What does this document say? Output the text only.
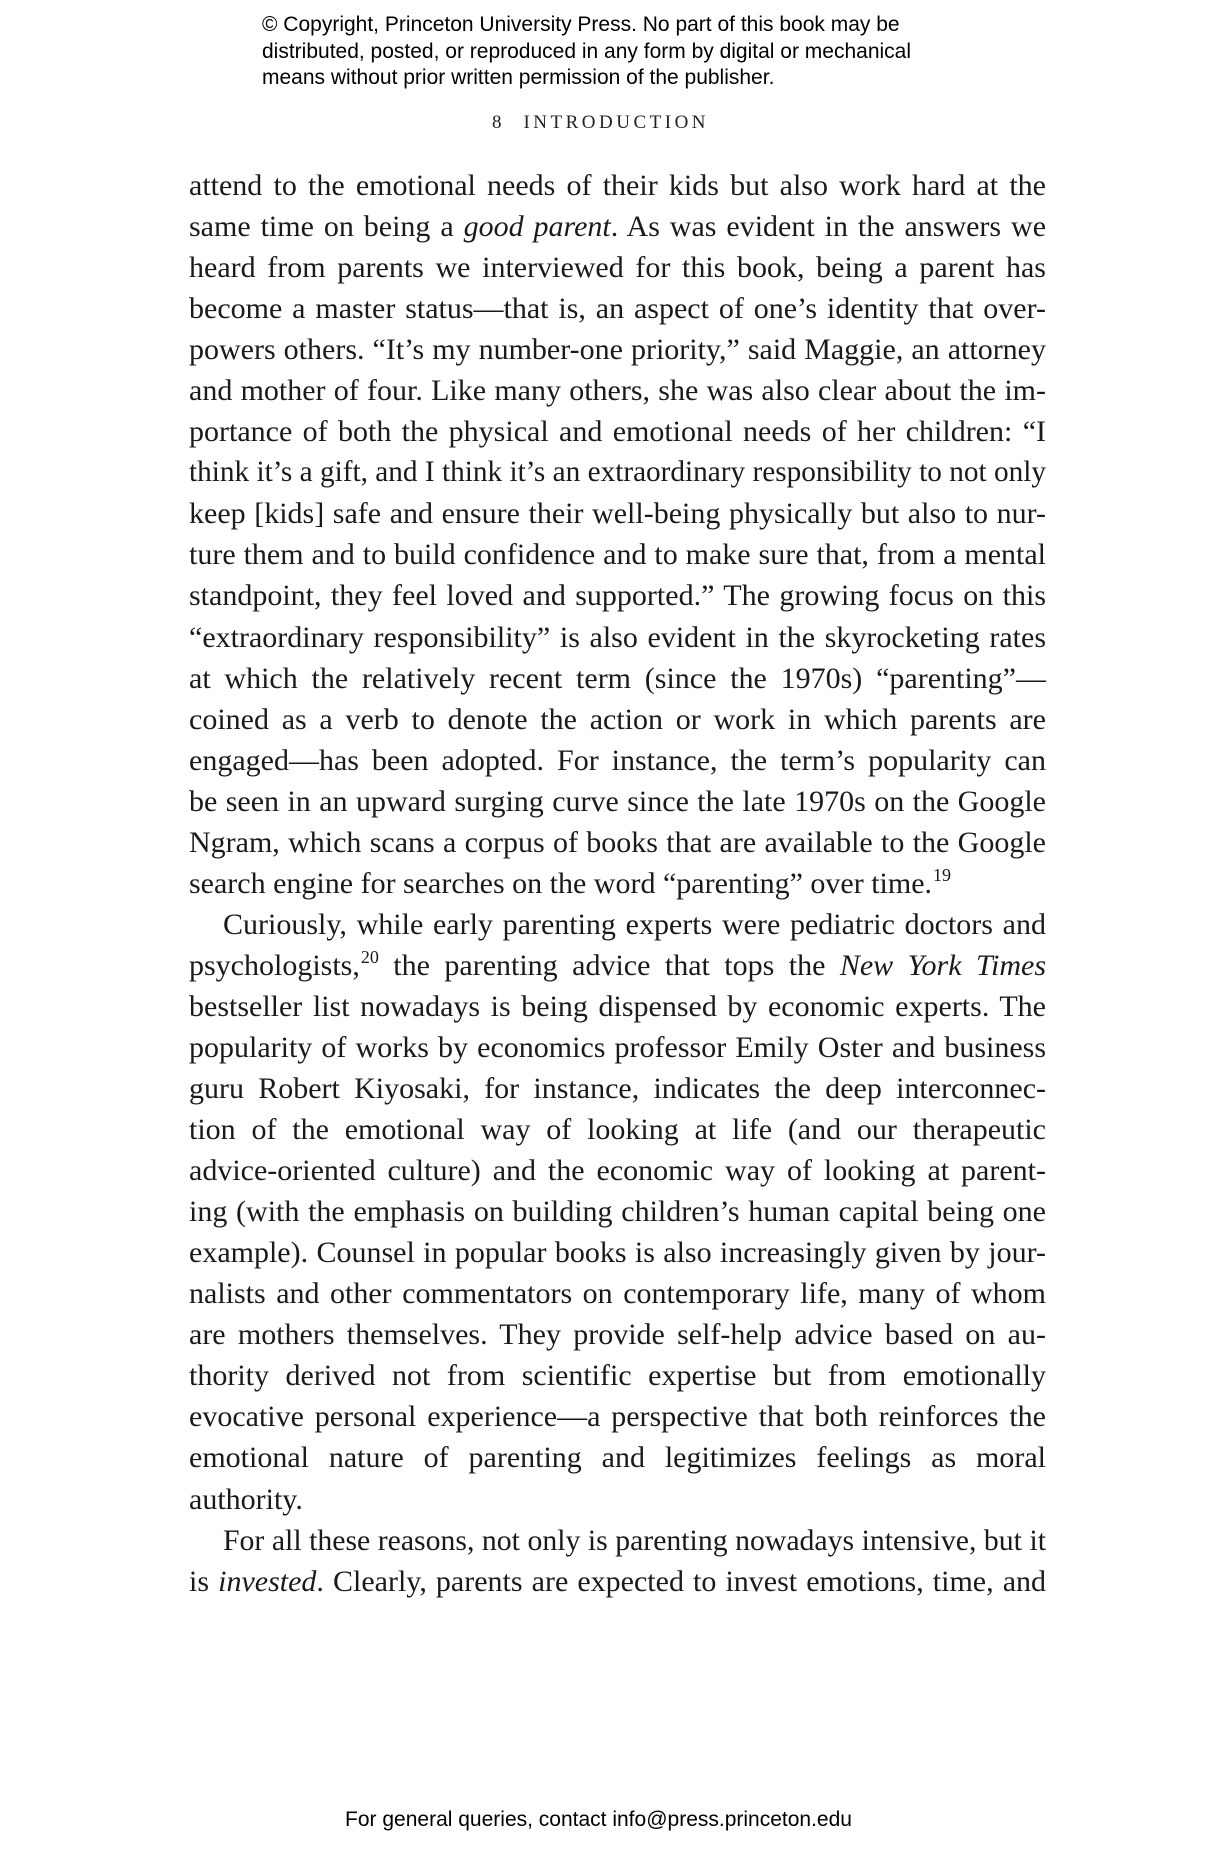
© Copyright, Princeton University Press. No part of this book may be
distributed, posted, or reproduced in any form by digital or mechanical
means without prior written permission of the publisher.
8 INTRODUCTION
attend to the emotional needs of their kids but also work hard at the
same time on being a good parent. As was evident in the answers we
heard from parents we interviewed for this book, being a parent has
become a master status—that is, an aspect of one’s identity that over-
powers others. “It’s my number-one priority,” said Maggie, an attorney
and mother of four. Like many others, she was also clear about the im-
portance of both the physical and emotional needs of her children: “I
think it’s a gift, and I think it’s an extraordinary responsibility to not only
keep [kids] safe and ensure their well-being physically but also to nur-
ture them and to build confidence and to make sure that, from a mental
standpoint, they feel loved and supported.” The growing focus on this
“extraordinary responsibility” is also evident in the skyrocketing rates
at which the relatively recent term (since the 1970s) “parenting”—
coined as a verb to denote the action or work in which parents are
engaged—has been adopted. For instance, the term’s popularity can
be seen in an upward surging curve since the late 1970s on the Google
Ngram, which scans a corpus of books that are available to the Google
search engine for searches on the word “parenting” over time.$^{19}$
Curiously, while early parenting experts were pediatric doctors and
psychologists,$^{20}$ the parenting advice that tops the New York Times
bestseller list nowadays is being dispensed by economic experts. The
popularity of works by economics professor Emily Oster and business
guru Robert Kiyosaki, for instance, indicates the deep interconnec-
tion of the emotional way of looking at life (and our therapeutic
advice-oriented culture) and the economic way of looking at parent-
ing (with the emphasis on building children’s human capital being one
example). Counsel in popular books is also increasingly given by jour-
nalists and other commentators on contemporary life, many of whom
are mothers themselves. They provide self-help advice based on au-
thority derived not from scientific expertise but from emotionally
evocative personal experience—a perspective that both reinforces the
emotional nature of parenting and legitimizes feelings as moral
authority.
For all these reasons, not only is parenting nowadays intensive, but it
is invested. Clearly, parents are expected to invest emotions, time, and
For general queries, contact info@press.princeton.edu
